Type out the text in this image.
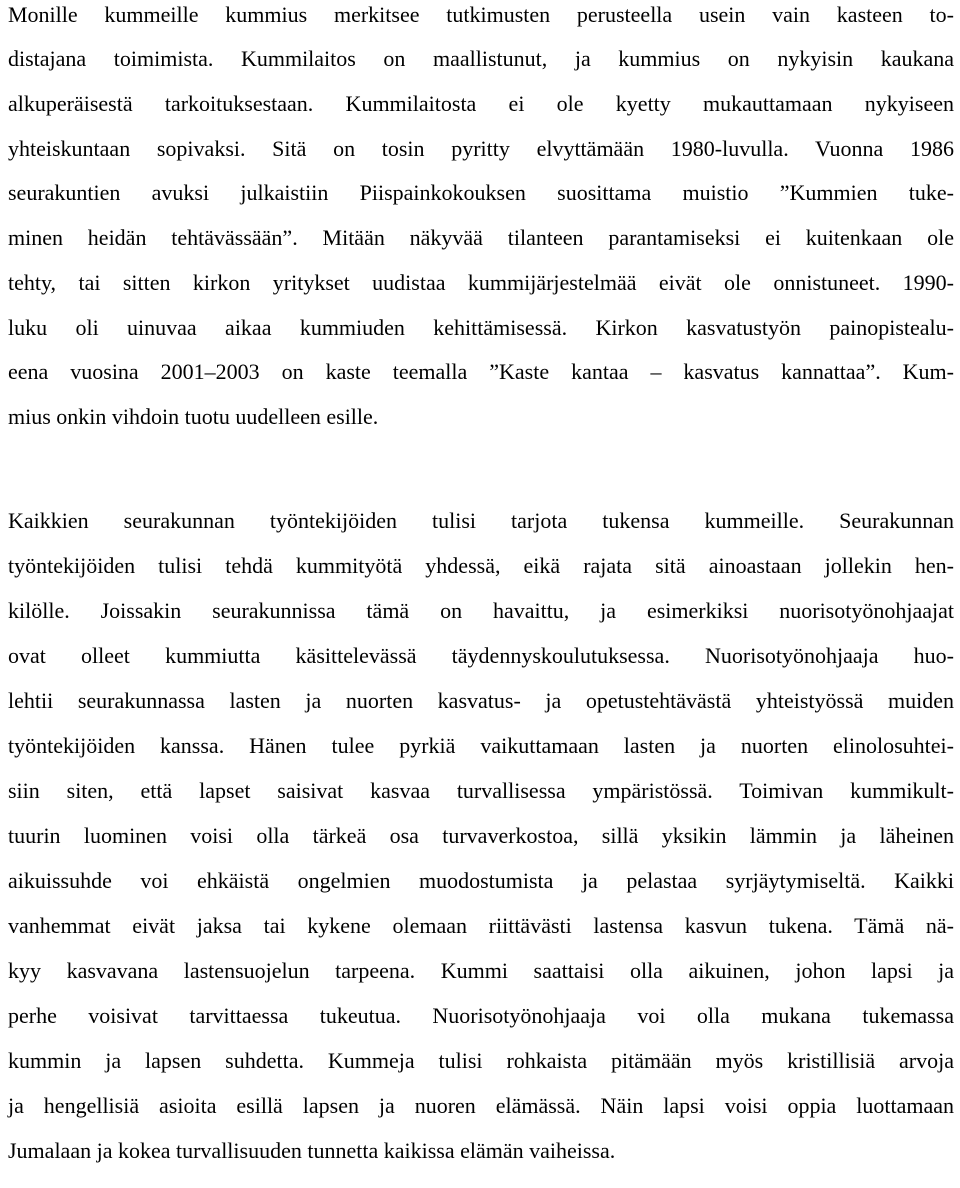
Monille kummeille kummius merkitsee tutkimusten perusteella usein vain kasteen to-
distajana toimimista. Kummilaitos on maallistunut, ja kummius on nykyisin kaukana
alkuperäisestä tarkoituksestaan. Kummilaitosta ei ole kyetty mukauttamaan nykyiseen
yhteiskuntaan sopivaksi. Sitä on tosin pyritty elvyttämään 1980-luvulla. Vuonna 1986
seurakuntien avuksi julkaistiin Piispainkokouksen suosittama muistio ”Kummien tuke-
minen heidän tehtävässään”. Mitään näkyvää tilanteen parantamiseksi ei kuitenkaan ole
tehty, tai sitten kirkon yritykset uudistaa kummijärjestelmää eivät ole onnistuneet. 1990-
luku oli uinuvaa aikaa kummiuden kehittämisessä. Kirkon kasvatustyön painopistealu-
eena vuosina 2001–2003 on kaste teemalla ”Kaste kantaa – kasvatus kannattaa”. Kum-
mius onkin vihdoin tuotu uudelleen esille.
Kaikkien seurakunnan työntekijöiden tulisi tarjota tukensa kummeille. Seurakunnan
työntekijöiden tulisi tehdä kummityötä yhdessä, eikä rajata sitä ainoastaan jollekin hen-
kilölle. Joissakin seurakunnissa tämä on havaittu, ja esimerkiksi nuorisotyönohjaajat
ovat olleet kummiutta käsittelevässä täydennyskoulutuksessa. Nuorisotyönohjaaja huo-
lehtii seurakunnassa lasten ja nuorten kasvatus- ja opetustehtävästä yhteistyössä muiden
työntekijöiden kanssa. Hänen tulee pyrkiä vaikuttamaan lasten ja nuorten elinolosuhtei-
siin siten, että lapset saisivat kasvaa turvallisessa ympäristössä. Toimivan kummikult-
tuurin luominen voisi olla tärkeä osa turvaverkostoa, sillä yksikin lämmin ja läheinen
aikuissuhde voi ehkäistä ongelmien muodostumista ja pelastaa syrjäytymiseltä. Kaikki
vanhemmat eivät jaksa tai kykene olemaan riittävästi lastensa kasvun tukena. Tämä nä-
kyy kasvavana lastensuojelun tarpeena. Kummi saattaisi olla aikuinen, johon lapsi ja
perhe voisivat tarvittaessa tukeutua. Nuorisotyönohjaaja voi olla mukana tukemassa
kummin ja lapsen suhdetta. Kummeja tulisi rohkaista pitämään myös kristillisiä arvoja
ja hengellisiä asioita esillä lapsen ja nuoren elämässä. Näin lapsi voisi oppia luottamaan
Jumalaan ja kokea turvallisuuden tunnetta kaikissa elämän vaiheissa.
